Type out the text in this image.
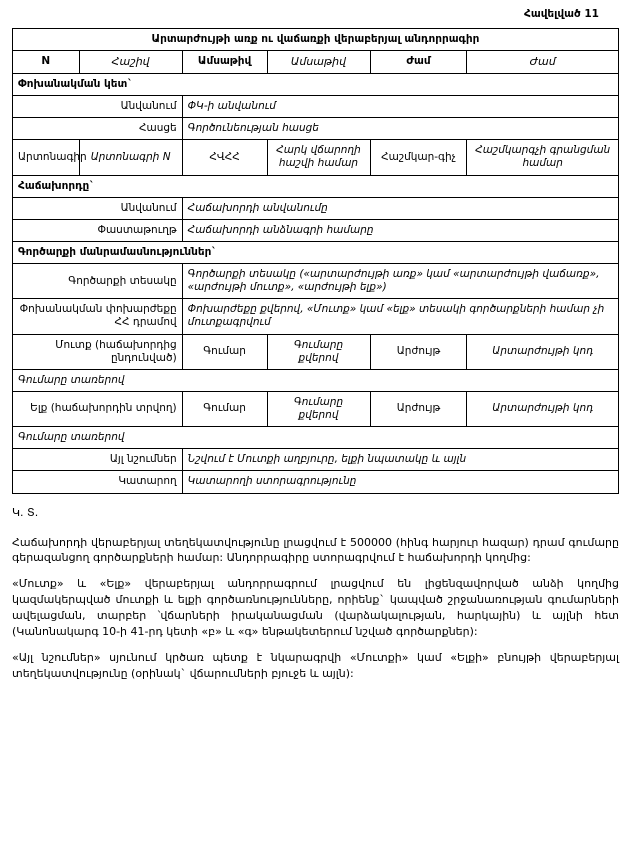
Հավելված 11
Արտարժույթի առք ու վաճառքի վերաբերյալ անդորրագիր					
N	Հաշիվ	Ամսաթիվ	Ամսաթիվ	Ժամ	Ժամ
Փոխանակման կետ`					
Անվանում		ՓԿ-ի անվանում			
Հասցե		Գործունեության հասցե			
Արտոնագիր	Արտոնագրի N	ՀՎՀՀ	Հարկ վճարողի հաշվի համար	Հաշմկար-գիչ	Հաշմկարգչի գրանցման համար
Հաճախորդը`					
Անվանում		Հաճախորդի անվանումը			
Փաստաթուղթ		Հաճախորդի անձնագրի համարը			
Գործարքի մանրամասնություններ`					
Գործարքի տեսակը		Գործարքի տեսակը («արտարժույթի առք» կամ «արտարժույթի վաճառք», «արժույթի մուտք», «արժույթի ելք»)			
Փոխանակման փոխարժեքը ՀՀ դրամով		Փոխարժեքը քվերով, «Մուտք» կամ «ելք» տեսակի գործարքների համար չի մուտքագրվում			
Մուտք (հաճախորդից ընդունված)		Գումար	Գումարը քվերով	Արժույթ	Արտարժույթի կոդ
Գումարը տառերով					
Ելք (հաճախորդին տրվող)		Գումար	Գումարը քվերով	Արժույթ	Արտարժույթի կոդ
Գումարը տառերով					
Այլ նշումներ		Նշվում է Մուտքի աղբյուրը, ելքի նպատակը և այլն			
Կատարող		Կատարողի ստորագրությունը			
Կ. Տ.

Հաճախորդի վերաբերյալ տեղեկատվությունը լրացվում է 500000 (հինգ հարյուր հազար) դրամ գումարը գերազանցող գործարքների համար: Անդորրագիրը ստորագրվում է հաճախորդի կողմից:

«Մուտք» և «Ելք» վերաբերյալ անդորրագրում լրացվում են լիցենզավորված անձի կողմից կազմակերպված մուտքի և ելքի գործառնությունները, որիենք` կապված շրջանառության գումարների ավելացման, տարբեր ՝վճարների իրականացման (վարձակալության, հարկային) և այլնի հետ (Կանոնակարգ 10-ի 41-րդ կետի «բ» և «գ» ենթակետերում նշված գործարքներ):

«Այլ նշումներ» սյունում կրծառ պետք է նկարագրվի «Մուտքի» կամ «Ելքի» բնույթի վերաբերյալ տեղեկատվությունը (օրինակ` վճարումների բյուջե և այլն):
